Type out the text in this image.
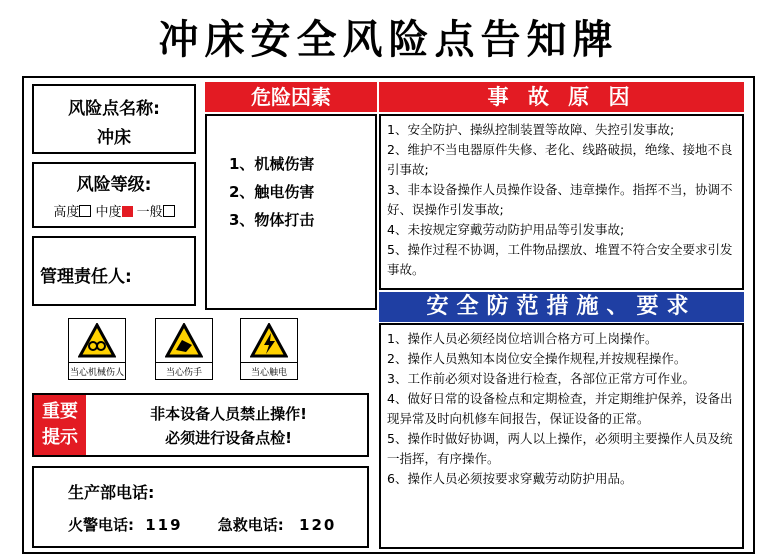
冲床安全风险点告知牌
风险点名称:
冲床
风险等级:
高度 中度 一般
管理责任人:
危险因素
1、机械伤害
2、触电伤害
3、物体打击
事 故 原 因

1、安全防护、操纵控制装置等故障、失控引发事故;

2、维护不当电器原件失修、老化、线路破损，绝缘、接地不良引事故;

3、非本设备操作人员操作设备、违章操作。指挥不当，协调不好、误操作引发事故;

4、未按规定穿戴劳动防护用品等引发事故;

5、操作过程不协调，工件物品摆放、堆置不符合安全要求引发事故。

安全防范措施、要求

1、操作人员必须经岗位培训合格方可上岗操作。

2、操作人员熟知本岗位安全操作规程,并按规程操作。

3、工作前必须对设备进行检查，各部位正常方可作业。

4、做好日常的设备检点和定期检查，并定期维护保养，设备出现异常及时向机修车间报告，保证设备的正常。

5、操作时做好协调，两人以上操作，必须明主要操作人员及统一指挥，有序操作。

6、操作人员必须按要求穿戴劳动防护用品。

当心机械伤人	当心伤手	当心触电
重要提示
非本设备人员禁止操作!
必须进行设备点检!
生产部电话:
火警电话: 119 急救电话: 120
